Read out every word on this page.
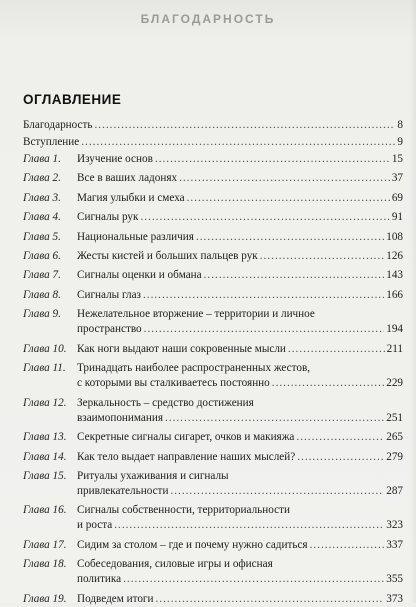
БЛАГОДАРНОСТЬ
ОГЛАВЛЕНИЕ
Благодарность .....	8
Вступление .....	9
Глава 1. Изучение основ .....	15
Глава 2. Все в ваших ладонях .....	37
Глава 3. Магия улыбки и смеха .....	69
Глава 4. Сигналы рук .....	91
Глава 5. Национальные различия .....	108
Глава 6. Жесты кистей и больших пальцев рук .....	126
Глава 7. Сигналы оценки и обмана .....	143
Глава 8. Сигналы глаз .....	166
Глава 9. Нежелательное вторжение – территории и личное
пространство .....	194
Глава 10. Как ноги выдают наши сокровенные мысли .....	211
Глава 11. Тринадцать наиболее распространенных жестов,
с которыми вы сталкиваетесь постоянно .....	229
Глава 12. Зеркальность – средство достижения
взаимопонимания .....	251
Глава 13. Секретные сигналы сигарет, очков и макияжа .....	265
Глава 14. Как тело выдает направление наших мыслей? .....	279
Глава 15. Ритуалы ухаживания и сигналы
привлекательности .....	287
Глава 16. Сигналы собственности, территориальности
и роста .....	323
Глава 17. Сидим за столом – где и почему нужно садиться .....	337
Глава 18. Собеседования, силовые игры и офисная
политика .....	355
Глава 19. Подведем итоги .....	373
